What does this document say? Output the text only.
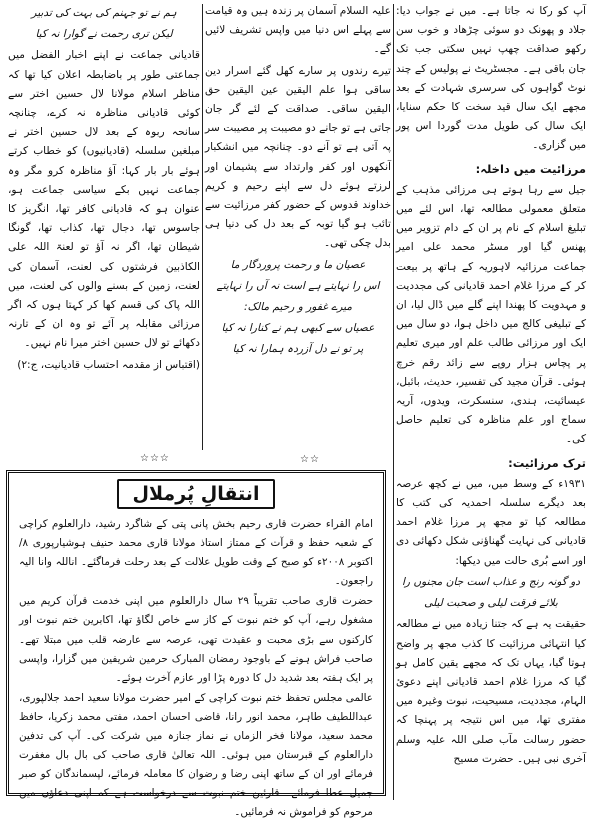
آپ کو رکا نہ جاتا ہے۔ میں نے جواب دیا: جلاد و پھونک دو سوئی چڑھاد و خوب سن رکھو صداقت چھپ نہیں سکتی جب تک جان باقی ہے۔ مجسٹریٹ نے پولیس کے چند نوٹ گواہوں کی سرسری شہادت کے بعد مجھے ایک سال قید سخت کا حکم سنایا، ایک سال کی طویل مدت گوردا اس پور میں گزاری۔

مرزائیت میں داخلہ:

جیل سے رہا ہوتے ہی مرزائی مذہب کے متعلق معمولی مطالعہ تھا، اس لئے میں تبلیغ اسلام کے نام پر ان کے دام تزویر میں پھنس گیا اور مسٹر محمد علی امیر جماعت مرزائیہ لاہوریہ کے ہاتھ پر بیعت کر کے مرزا غلام احمد قادیانی کی مجددیت و مہدویت کا پھندا اپنے گلے میں ڈال لیا، ان کے تبلیغی کالج میں داخل ہوا، دو سال میں ایک اور مرزائی طالب علم اور میری تعلیم پر پچاس ہزار روپے سے زائد رقم خرچ ہوئی۔ قرآن مجید کی تفسیر، حدیث، بائبل، عیسائیت، ہندی، سنسکرت، ویدوں، آریہ سماج اور علم مناظرہ کی تعلیم حاصل کی۔

ترک مرزائیت:

۱۹۳۱ء کے وسط میں، میں نے کچھ عرصہ بعد دیگرے سلسلہ احمدیہ کی کتب کا مطالعہ کیا تو مجھ پر مرزا غلام احمد قادیانی کی نہایت گھناؤنی شکل دکھائی دی اور اسے بُری حالت میں دیکھا:

دو گونہ رنج و عذاب است جان مجنوں را
بلائے فرقت لیلی و صحبت لیلی

حقیقت یہ ہے کہ جتنا زیادہ میں نے مطالعہ کیا انتہائی مرزائیت کا کذب مجھ پر واضح ہوتا گیا، یہاں تک کہ مجھے یقین کامل ہو گیا کہ مرزا غلام احمد قادیانی اپنے دعوئ الہام، مجددیت، مسیحیت، نبوت وغیرہ میں مفتری تھا، میں اس نتیجہ پر پہنچا کہ حضور رسالت مآب صلی اللہ علیہ وسلم آخری نبی ہیں۔ حضرت مسیح

علیہ السلام آسمان پر زندہ ہیں وہ قیامت سے پہلے اس دنیا میں واپس تشریف لائیں گے۔

تیرے رندوں پر سارے کھل گئے اسرار دین ساقی ہوا علم الیقین عین الیقین حق الیقین ساقی۔ صداقت کے لئے گر جان جاتی ہے تو جانے دو مصیبت پر مصیبت سر پہ آتی ہے تو آنے دو۔ چنانچہ میں انشکبار آنکھوں اور کفر وارتداد سے پشیمان اور لرزتے ہوئے دل سے اپنے رحیم و کریم خداوند قدوس کے حضور کفر مرزائیت سے تائب ہو گیا توبہ کے بعد دل کی دنیا ہی بدل چکی تھی۔

عصیان ما و رحمت پروردگار ما
اس را نہایتے ہے است نہ آں را نہایتے
میرے غفور و رحیم مالک:
عصیاں سے کبھی ہم نے کنارا نہ کیا
پر تو نے دل آزردہ ہمارا نہ کیا
☆☆
ہم نے تو جہنم کی بہت کی تدبیر
لیکن تری رحمت نے گوارا نہ کیا

قادیانی جماعت نے اپنے اخبار الفضل میں جماعتی طور پر باضابطہ اعلان کیا تھا کہ مناظر اسلام مولانا لال حسین اختر سے کوئی قادیانی مناظرہ نہ کرے، چنانچہ سانحہ ربوہ کے بعد لال حسین اختر نے مبلغین سلسلہ (قادیانیوں) کو خطاب کرتے ہوئے بار بار کہا: آؤ مناظرہ کرو مگر وہ جماعت نہیں بکے سیاسی جماعت ہو، عنوان ہو کہ قادیانی کافر تھا، انگریز کا جاسوس تھا، دجال تھا، کذاب تھا، گونگا شیطان تھا، اگر نہ آؤ تو لعنۃ اللہ علی الکاذبین فرشتوں کی لعنت، آسمان کی لعنت، زمین کے بسنے والوں کی لعنت، میں اللہ پاک کی قسم کھا کر کہتا ہوں کہ اگر مرزائی مقابلہ پر آئے تو وہ ان کے تارنہ دکھائے تو لال حسین اختر میرا نام نہیں۔

(اقتباس از مقدمہ احتساب قادیانیت، ج:۲)

☆☆☆
انتقالِ پُرملال

امام القراء حضرت قاری رحیم بخش پانی پتی کے شاگرد رشید، دارالعلوم کراچی کے شعبہ حفظ و قرآت کے ممتاز استاذ مولانا قاری محمد حنیف ہوشیارپوری ۸/ اکتوبر ۲۰۰۸ء کو صبح کے وقت طویل علالت کے بعد رحلت فرماگئے۔ اناللہ وانا الیہ راجعون۔

حضرت قاری صاحب تقریباً ۲۹ سال دارالعلوم میں اپنی خدمت قرآن کریم میں مشغول رہے، آپ کو ختم نبوت کے کاز سے خاص لگاؤ تھا، اکابرین ختم نبوت اور کارکنوں سے بڑی محبت و عقیدت تھی، عرصہ سے عارضہ قلب میں مبتلا تھے۔ صاحب فراش ہونے کے باوجود رمضان المبارک حرمین شریفین میں گزارا، واپسی پر ایک ہفتہ بعد شدید دل کا دورہ پڑا اور عازم آخرت ہوئے۔

عالمی مجلس تحفظ ختم نبوت کراچی کے امیر حضرت مولانا سعید احمد جلالپوری، عبداللطیف طاہر، محمد انور رانا، قاضی احسان احمد، مفتی محمد زکریا، حافظ محمد سعید، مولانا فخر الزماں نے نماز جنازہ میں شرکت کی۔ آپ کی تدفین دارالعلوم کے قبرستان میں ہوئی۔ اللہ تعالیٰ قاری صاحب کی بال بال مغفرت فرمائے اور ان کے ساتھ اپنی رضا و رضوان کا معاملہ فرمائے، لپسماندگان کو صبر جمیل عطا فرمائے۔ قارئین ختم نبوت سے درخواست ہے کہ اپنی دعاؤں میں مرحوم کو فراموش نہ فرمائیں۔
